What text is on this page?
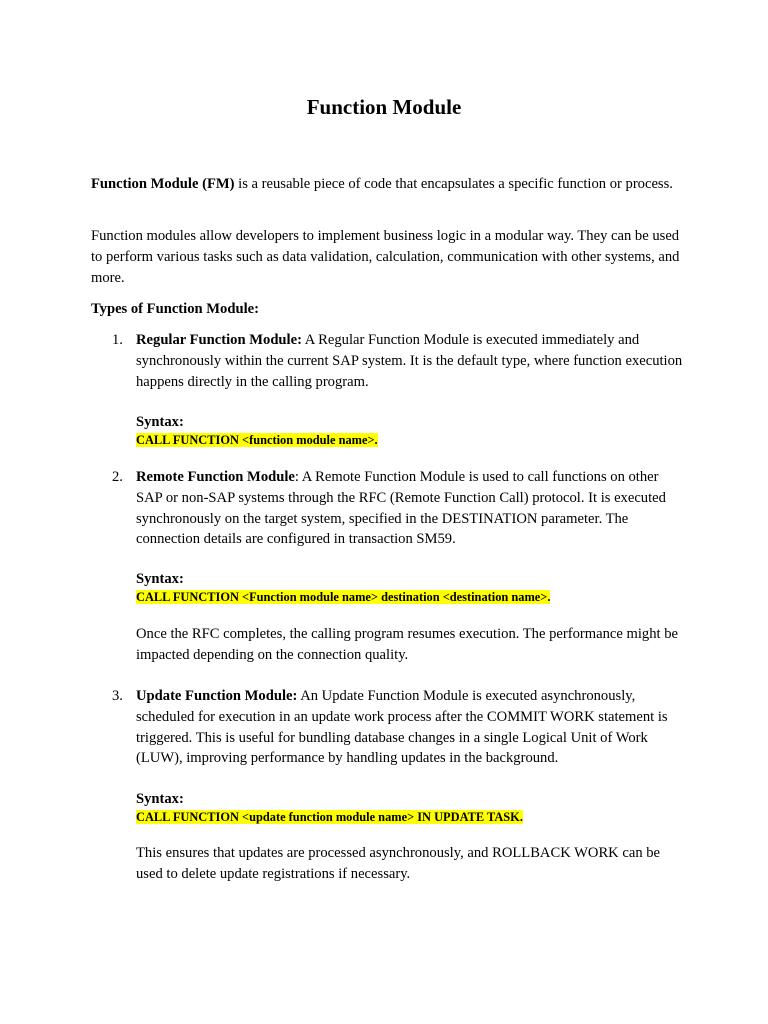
Function Module
Function Module (FM) is a reusable piece of code that encapsulates a specific function or process.
Function modules allow developers to implement business logic in a modular way. They can be used to perform various tasks such as data validation, calculation, communication with other systems, and more.
Types of Function Module:
1. Regular Function Module: A Regular Function Module is executed immediately and synchronously within the current SAP system. It is the default type, where function execution happens directly in the calling program.
Syntax:
CALL FUNCTION <function module name>.
2. Remote Function Module: A Remote Function Module is used to call functions on other SAP or non-SAP systems through the RFC (Remote Function Call) protocol. It is executed synchronously on the target system, specified in the DESTINATION parameter. The connection details are configured in transaction SM59.
Syntax:
CALL FUNCTION <Function module name> destination <destination name>.
Once the RFC completes, the calling program resumes execution. The performance might be impacted depending on the connection quality.
3. Update Function Module: An Update Function Module is executed asynchronously, scheduled for execution in an update work process after the COMMIT WORK statement is triggered. This is useful for bundling database changes in a single Logical Unit of Work (LUW), improving performance by handling updates in the background.
Syntax:
CALL FUNCTION <update function module name> IN UPDATE TASK.
This ensures that updates are processed asynchronously, and ROLLBACK WORK can be used to delete update registrations if necessary.
